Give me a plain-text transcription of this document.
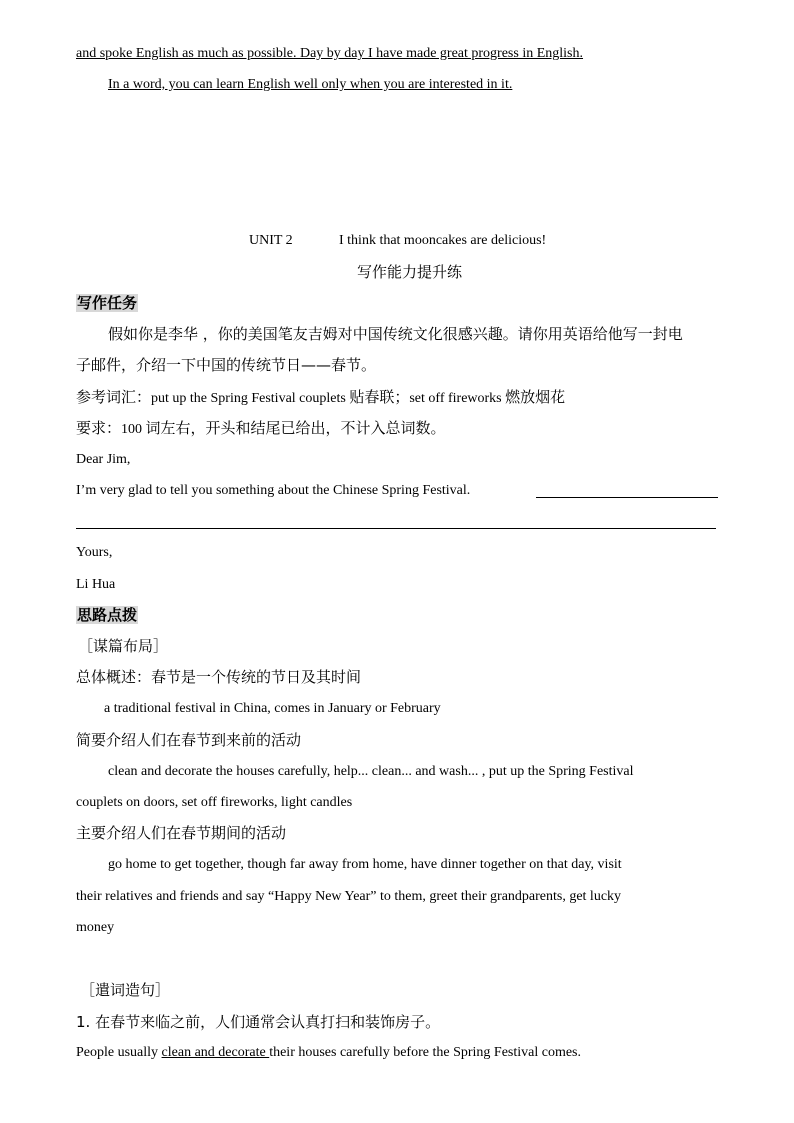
and spoke English as much as possible. Day by day I have made great progress in English.
In a word, you can learn English well only when you are interested in it.
UNIT 2	I think that mooncakes are delicious!
写作能力提升练
写作任务
假如你是李华 ，你的美国笔友吉姆对中国传统文化很感兴趣。请你用英语给他写一封电
子邮件，介绍一下中国的传统节日——春节。
参考词汇：put up the Spring Festival couplets 贴春联；set off fireworks 燃放烟花
要求：100 词左右，开头和结尾已给出，不计入总词数。
Dear Jim,
I’m very glad to tell you something about the Chinese Spring Festival.
Yours,
Li Hua
思路点拨
［谋篇布局］
总体概述：春节是一个传统的节日及其时间
a traditional festival in China, comes in January or February
简要介绍人们在春节到来前的活动
clean and decorate the houses carefully, help... clean... and wash... , put up the Spring Festival
couplets on doors, set off fireworks, light candles
主要介绍人们在春节期间的活动
go home to get together, though far away from home, have dinner together on that day, visit
their relatives and friends and say “Happy New Year” to them, greet their grandparents, get lucky
money
［遣词造句］
1. 在春节来临之前，人们通常会认真打扫和装饰房子。
People usually clean and decorate their houses carefully before the Spring Festival comes.
